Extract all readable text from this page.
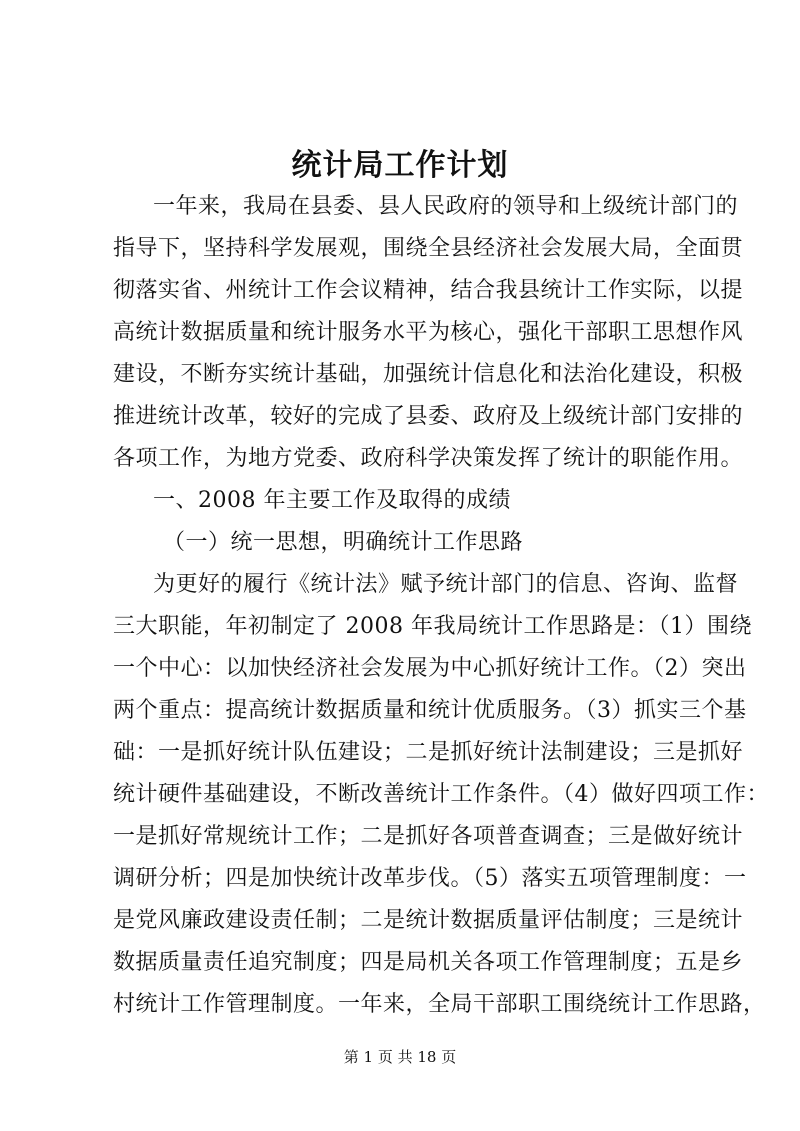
统计局工作计划
一年来，我局在县委、县人民政府的领导和上级统计部门的
指导下，坚持科学发展观，围绕全县经济社会发展大局，全面贯
彻落实省、州统计工作会议精神，结合我县统计工作实际，以提
高统计数据质量和统计服务水平为核心，强化干部职工思想作风
建设，不断夯实统计基础，加强统计信息化和法治化建设，积极
推进统计改革，较好的完成了县委、政府及上级统计部门安排的
各项工作，为地方党委、政府科学决策发挥了统计的职能作用。
一、2008 年主要工作及取得的成绩
（一）统一思想，明确统计工作思路
为更好的履行《统计法》赋予统计部门的信息、咨询、监督
三大职能，年初制定了 2008 年我局统计工作思路是：（1）围绕
一个中心：以加快经济社会发展为中心抓好统计工作。（2）突出
两个重点：提高统计数据质量和统计优质服务。（3）抓实三个基
础：一是抓好统计队伍建设；二是抓好统计法制建设；三是抓好
统计硬件基础建设，不断改善统计工作条件。（4）做好四项工作：
一是抓好常规统计工作；二是抓好各项普查调查；三是做好统计
调研分析；四是加快统计改革步伐。（5）落实五项管理制度：一
是党风廉政建设责任制；二是统计数据质量评估制度；三是统计
数据质量责任追究制度；四是局机关各项工作管理制度；五是乡
村统计工作管理制度。一年来，全局干部职工围绕统计工作思路，
第 1 页 共 18 页
